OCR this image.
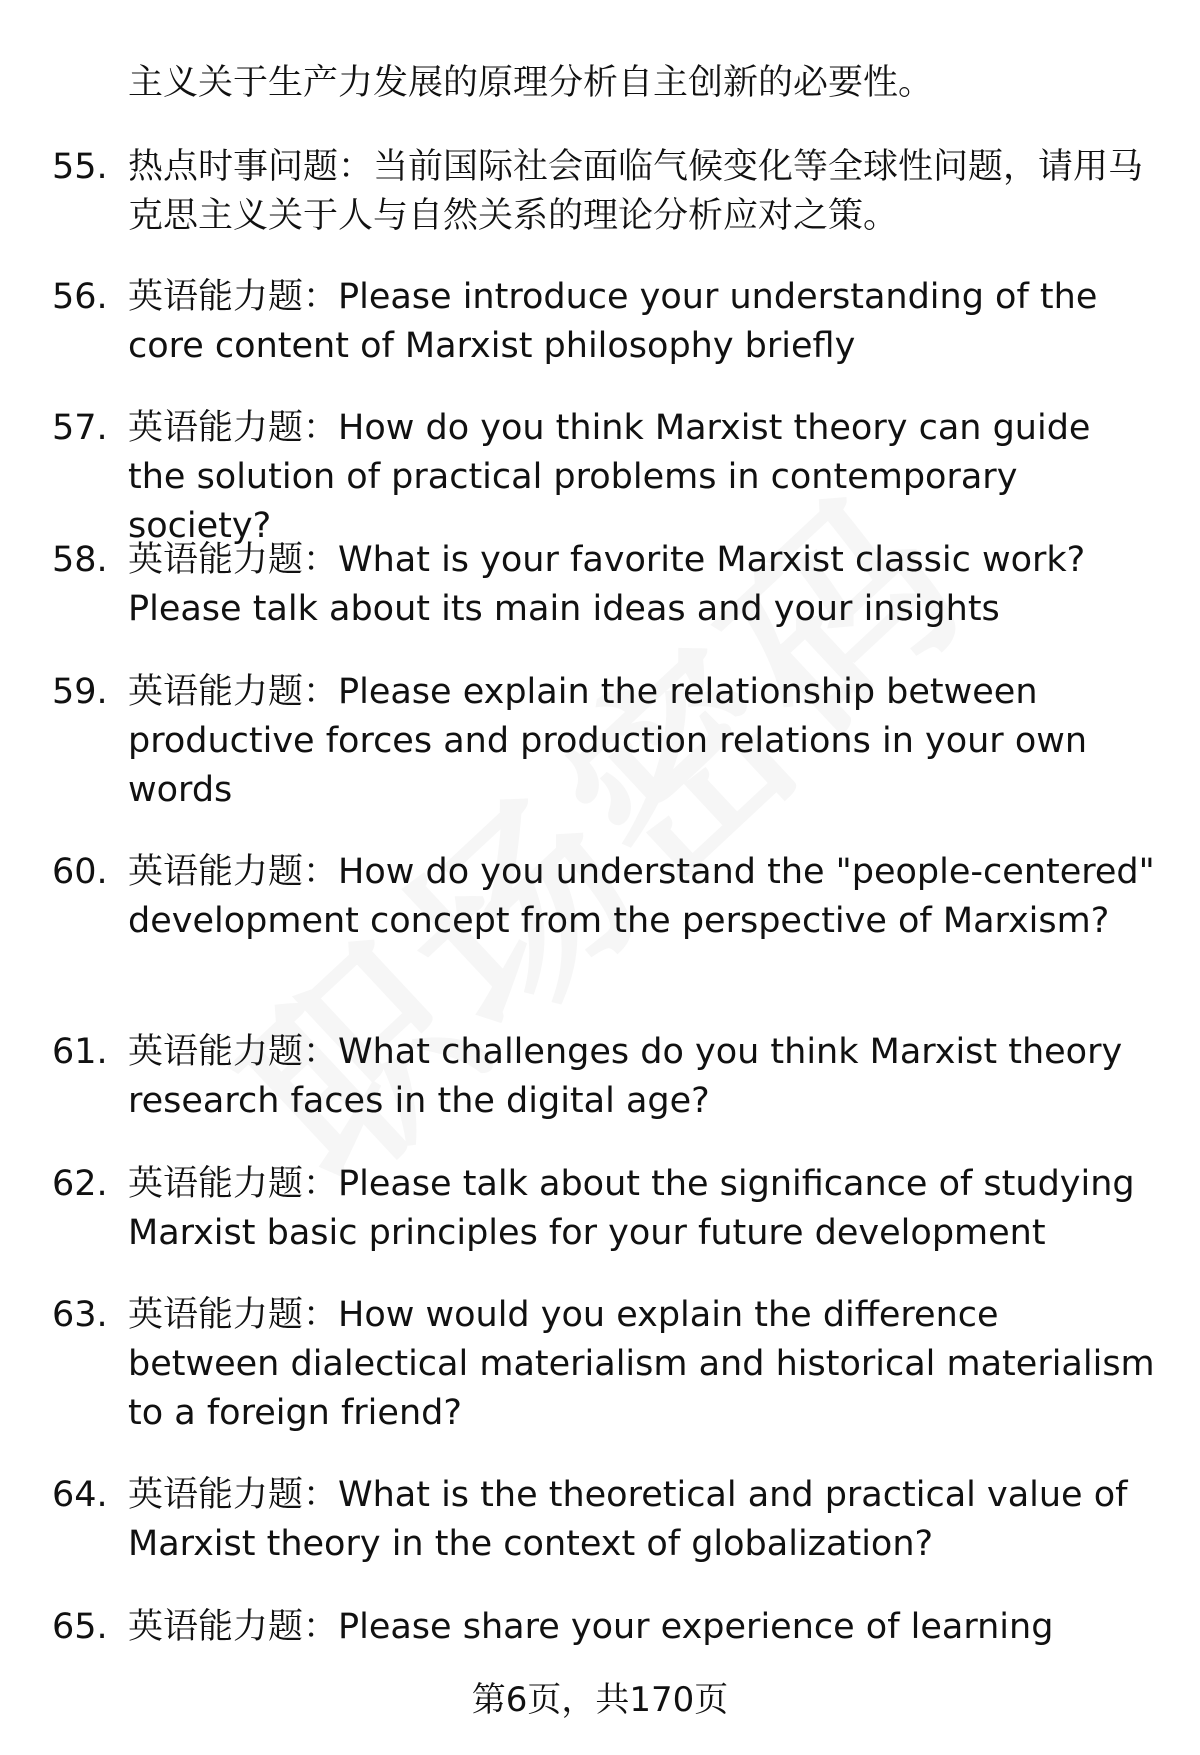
主义关于生产力发展的原理分析自主创新的必要性。

55. 热点时事问题：当前国际社会面临气候变化等全球性问题，请用马克思主义关于人与自然关系的理论分析应对之策。
56. 英语能力题：Please introduce your understanding of the core content of Marxist philosophy briefly
57. 英语能力题：How do you think Marxist theory can guide the solution of practical problems in contemporary society?
58. 英语能力题：What is your favorite Marxist classic work? Please talk about its main ideas and your insights
59. 英语能力题：Please explain the relationship between productive forces and production relations in your own words
60. 英语能力题：How do you understand the "people-centered" development concept from the perspective of Marxism?
61. 英语能力题：What challenges do you think Marxist theory research faces in the digital age?
62. 英语能力题：Please talk about the significance of studying Marxist basic principles for your future development
63. 英语能力题：How would you explain the difference between dialectical materialism and historical materialism to a foreign friend?
64. 英语能力题：What is the theoretical and practical value of Marxist theory in the context of globalization?
65. 英语能力题：Please share your experience of learning
第6页，共170页
